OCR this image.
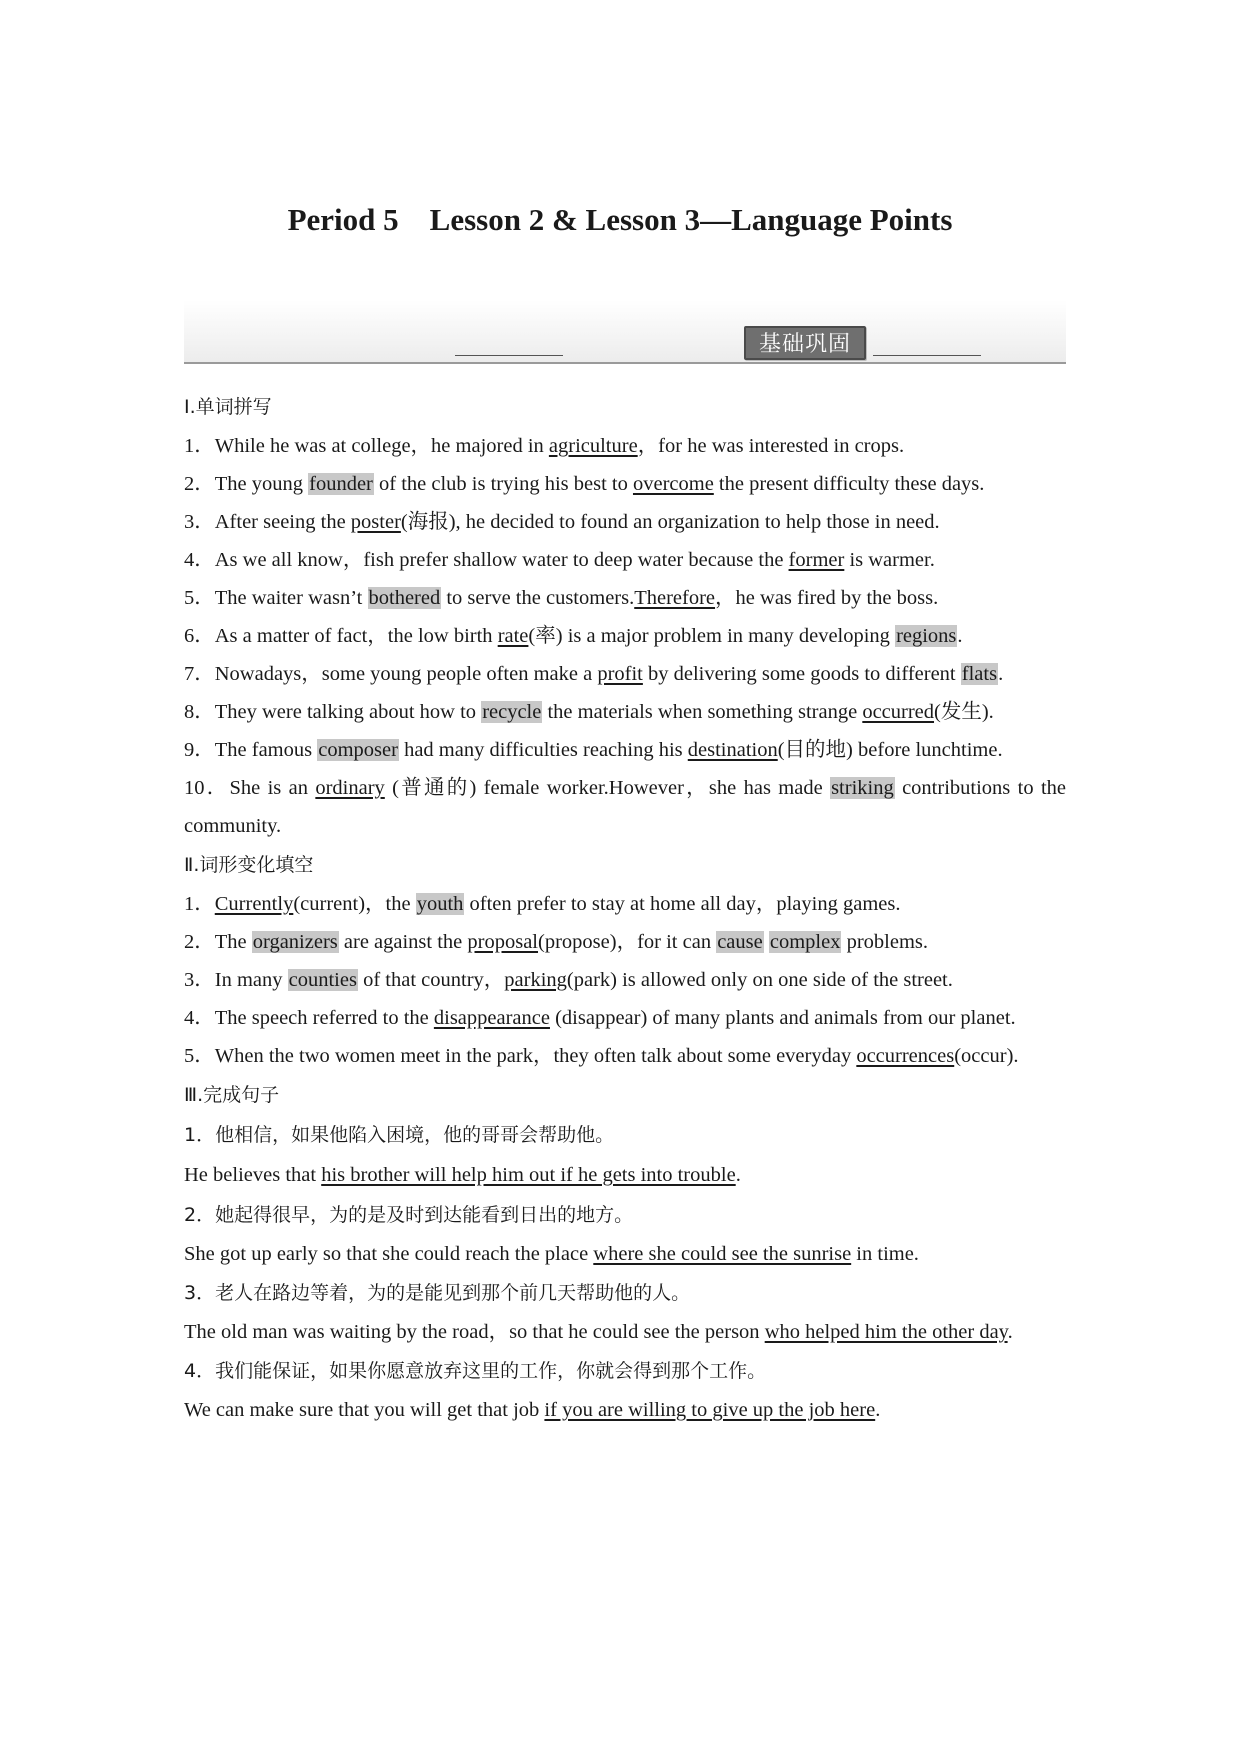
Period 5　Lesson 2 & Lesson 3—Language Points
基础巩固
Ⅰ.单词拼写

1．While he was at college，he majored in agriculture，for he was interested in crops.

2．The young founder of the club is trying his best to overcome the present difficulty these days.

3．After seeing the poster(海报), he decided to found an organization to help those in need.

4．As we all know，fish prefer shallow water to deep water because the former is warmer.

5．The waiter wasn’t bothered to serve the customers.Therefore，he was fired by the boss.

6．As a matter of fact，the low birth rate(率) is a major problem in many developing regions.

7．Nowadays，some young people often make a profit by delivering some goods to different flats.

8．They were talking about how to recycle the materials when something strange occurred(发生).

9．The famous composer had many difficulties reaching his destination(目的地) before lunchtime.

10．She is an ordinary (普通的) female worker.However，she has made striking contributions to the community.

Ⅱ.词形变化填空

1．Currently(current)，the youth often prefer to stay at home all day，playing games.

2．The organizers are against the proposal(propose)，for it can cause complex problems.

3．In many counties of that country，parking(park) is allowed only on one side of the street.

4．The speech referred to the disappearance (disappear) of many plants and animals from our planet.

5．When the two women meet in the park，they often talk about some everyday occurrences(occur).

Ⅲ.完成句子

1．他相信，如果他陷入困境，他的哥哥会帮助他。

He believes that his brother will help him out if he gets into trouble.

2．她起得很早，为的是及时到达能看到日出的地方。

She got up early so that she could reach the place where she could see the sunrise in time.

3．老人在路边等着，为的是能见到那个前几天帮助他的人。

The old man was waiting by the road，so that he could see the person who helped him the other day.

4．我们能保证，如果你愿意放弃这里的工作，你就会得到那个工作。

We can make sure that you will get that job if you are willing to give up the job here.
